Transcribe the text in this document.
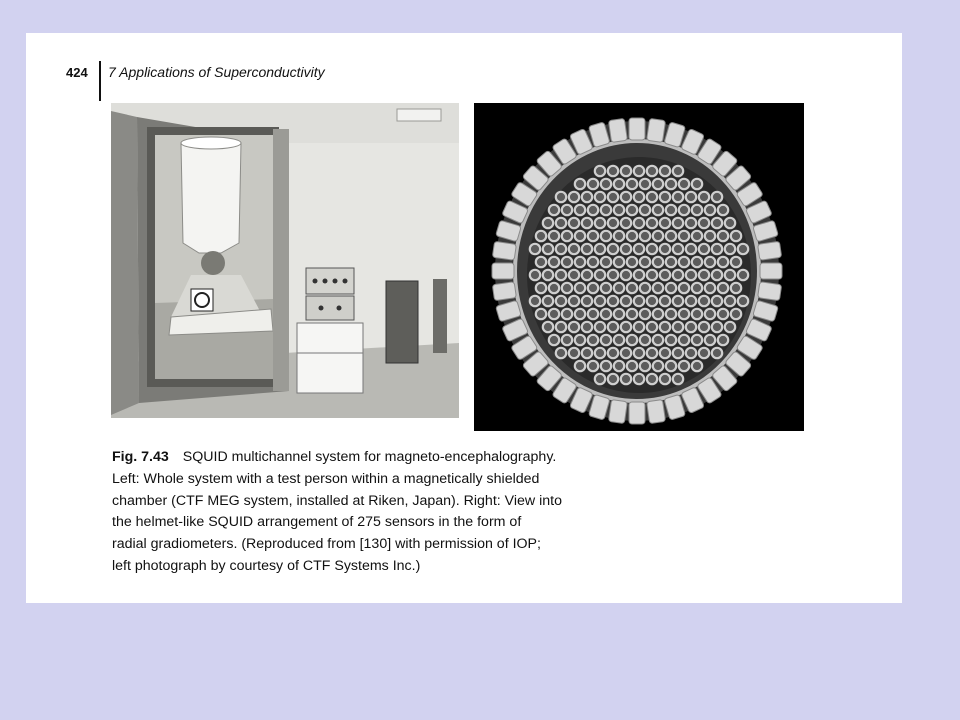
424 7 Applications of Superconductivity
Fig. 7.43 SQUID multichannel system for magneto-encephalography.
Left: Whole system with a test person within a magnetically shielded
chamber (CTF MEG system, installed at Riken, Japan). Right: View into
the helmet-like SQUID arrangement of 275 sensors in the form of
radial gradiometers. (Reproduced from [130] with permission of IOP;
left photograph by courtesy of CTF Systems Inc.)
